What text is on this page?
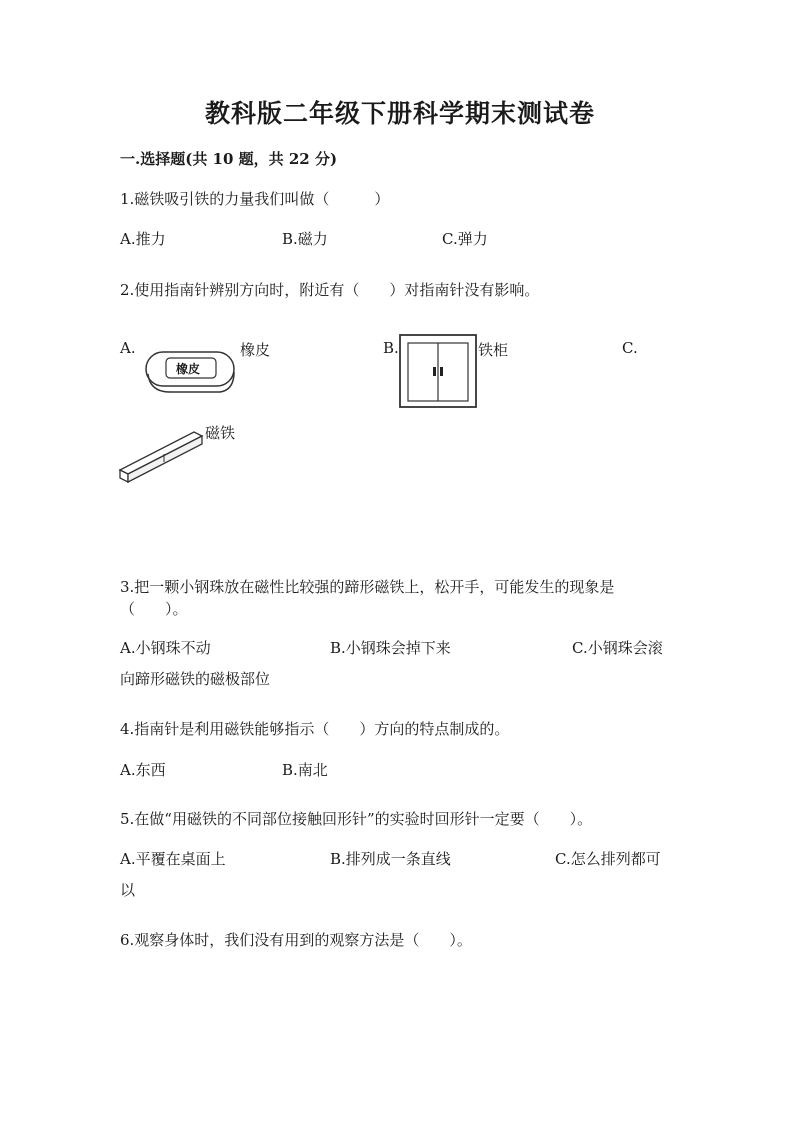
教科版二年级下册科学期末测试卷
一.选择题(共 10 题，共 22 分)
1.磁铁吸引铁的力量我们叫做（　　　）
A.推力	B.磁力	C.弹力
2.使用指南针辨别方向时，附近有（　　）对指南针没有影响。
A.	B.	C.
橡皮
橡皮	铁柜
磁铁
3.把一颗小钢珠放在磁性比较强的蹄形磁铁上，松开手，可能发生的现象是
（　　）。
A.小钢珠不动	B.小钢珠会掉下来	C.小钢珠会滚
向蹄形磁铁的磁极部位
4.指南针是利用磁铁能够指示（　　）方向的特点制成的。
A.东西	B.南北
5.在做“用磁铁的不同部位接触回形针”的实验时回形针一定要（　　）。
A.平覆在桌面上	B.排列成一条直线	C.怎么排列都可
以
6.观察身体时，我们没有用到的观察方法是（　　）。
